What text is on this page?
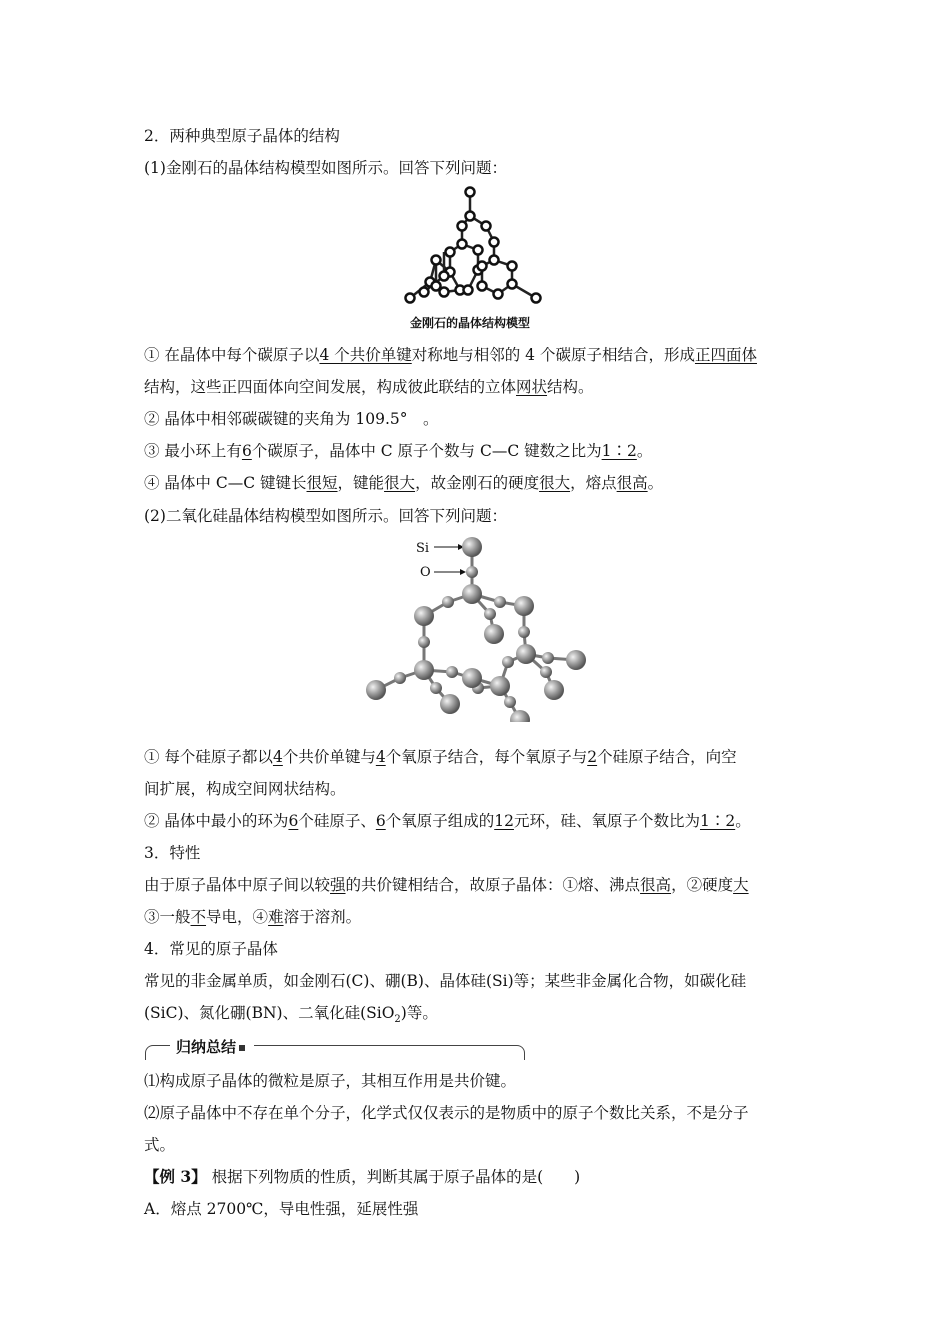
2．两种典型原子晶体的结构
(1)金刚石的晶体结构模型如图所示。回答下列问题：
金刚石的晶体结构模型
① 在晶体中每个碳原子以4 个共价单键对称地与相邻的 4 个碳原子相结合，形成正四面体
结构，这些正四面体向空间发展，构成彼此联结的立体网状结构。
② 晶体中相邻碳碳键的夹角为 109.5°　。
③ 最小环上有6个碳原子，晶体中 C 原子个数与 C—C 键数之比为1∶2。
④ 晶体中 C—C 键键长很短，键能很大，故金刚石的硬度很大，熔点很高。
(2)二氧化硅晶体结构模型如图所示。回答下列问题：
Si
O
① 每个硅原子都以4个共价单键与4个氧原子结合，每个氧原子与2个硅原子结合，向空
间扩展，构成空间网状结构。
② 晶体中最小的环为6个硅原子、6个氧原子组成的12元环，硅、氧原子个数比为1∶2。
3．特性
由于原子晶体中原子间以较强的共价键相结合，故原子晶体：①熔、沸点很高，②硬度大
③一般不导电，④难溶于溶剂。
4．常见的原子晶体
常见的非金属单质，如金刚石(C)、硼(B)、晶体硅(Si)等；某些非金属化合物，如碳化硅
(SiC)、氮化硼(BN)、二氧化硅(SiO$_2$)等。
归纳总结
⑴构成原子晶体的微粒是原子，其相互作用是共价键。
⑵原子晶体中不存在单个分子，化学式仅仅表示的是物质中的原子个数比关系，不是分子
式。
【例 3】 根据下列物质的性质，判断其属于原子晶体的是(　　)
A．熔点 2700℃，导电性强，延展性强
